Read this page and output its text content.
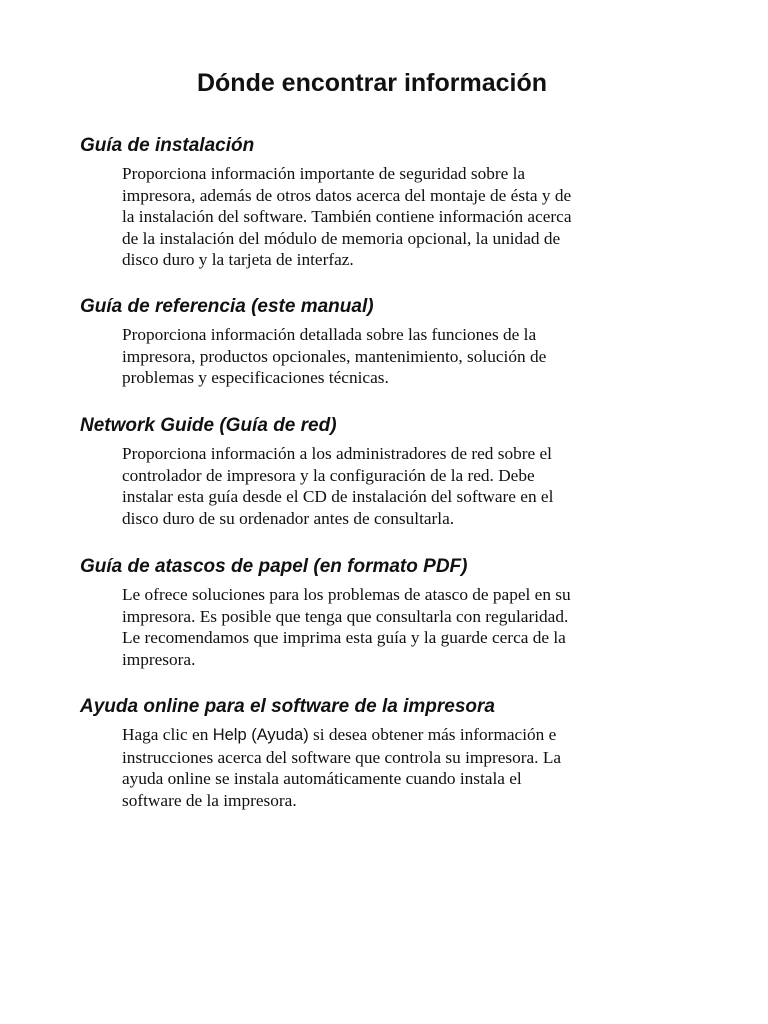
Dónde encontrar información
Guía de instalación

Proporciona información importante de seguridad sobre la
impresora, además de otros datos acerca del montaje de ésta y de
la instalación del software. También contiene información acerca
de la instalación del módulo de memoria opcional, la unidad de
disco duro y la tarjeta de interfaz.

Guía de referencia (este manual)

Proporciona información detallada sobre las funciones de la
impresora, productos opcionales, mantenimiento, solución de
problemas y especificaciones técnicas.

Network Guide (Guía de red)

Proporciona información a los administradores de red sobre el
controlador de impresora y la configuración de la red. Debe
instalar esta guía desde el CD de instalación del software en el
disco duro de su ordenador antes de consultarla.

Guía de atascos de papel (en formato PDF)

Le ofrece soluciones para los problemas de atasco de papel en su
impresora. Es posible que tenga que consultarla con regularidad.
Le recomendamos que imprima esta guía y la guarde cerca de la
impresora.

Ayuda online para el software de la impresora

Haga clic en Help (Ayuda) si desea obtener más información e
instrucciones acerca del software que controla su impresora. La
ayuda online se instala automáticamente cuando instala el
software de la impresora.
